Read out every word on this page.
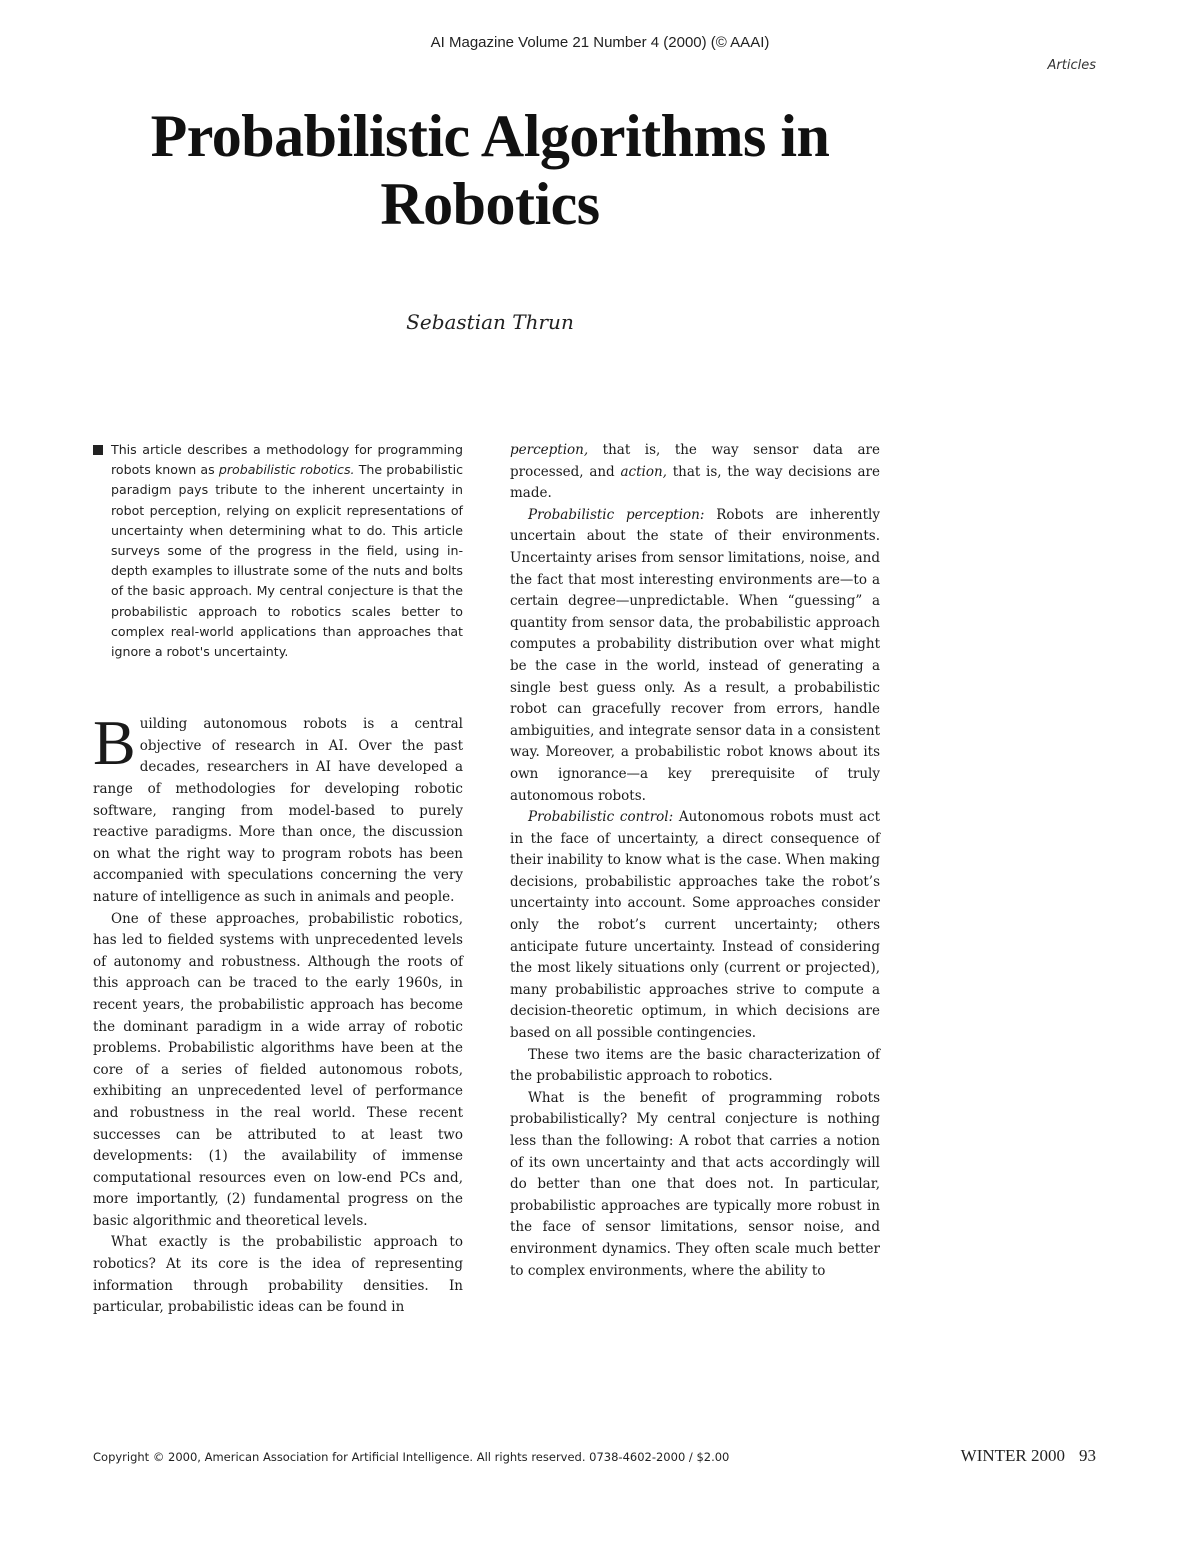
AI Magazine Volume 21 Number 4 (2000) (© AAAI)
Articles
Probabilistic Algorithms in
Robotics
Sebastian Thrun

This article describes a methodology for programming robots known as probabilistic robotics. The probabilistic paradigm pays tribute to the inherent uncertainty in robot perception, relying on explicit representations of uncertainty when determining what to do. This article surveys some of the progress in the field, using in-depth examples to illustrate some of the nuts and bolts of the basic approach. My central conjecture is that the probabilistic approach to robotics scales better to complex real-world applications than approaches that ignore a robot's uncertainty.

Building autonomous robots is a central objective of research in AI. Over the past decades, researchers in AI have developed a range of methodologies for developing robotic software, ranging from model-based to purely reactive paradigms. More than once, the discussion on what the right way to program robots has been accompanied with speculations concerning the very nature of intelligence as such in animals and people.

One of these approaches, probabilistic robotics, has led to fielded systems with unprecedented levels of autonomy and robustness. Although the roots of this approach can be traced to the early 1960s, in recent years, the probabilistic approach has become the dominant paradigm in a wide array of robotic problems. Probabilistic algorithms have been at the core of a series of fielded autonomous robots, exhibiting an unprecedented level of performance and robustness in the real world. These recent successes can be attributed to at least two developments: (1) the availability of immense computational resources even on low-end PCs and, more importantly, (2) fundamental progress on the basic algorithmic and theoretical levels.

What exactly is the probabilistic approach to robotics? At its core is the idea of representing information through probability densities. In particular, probabilistic ideas can be found in

perception, that is, the way sensor data are processed, and action, that is, the way decisions are made.

Probabilistic perception: Robots are inherently uncertain about the state of their environments. Uncertainty arises from sensor limitations, noise, and the fact that most interesting environments are—to a certain degree—unpredictable. When “guessing” a quantity from sensor data, the probabilistic approach computes a probability distribution over what might be the case in the world, instead of generating a single best guess only. As a result, a probabilistic robot can gracefully recover from errors, handle ambiguities, and integrate sensor data in a consistent way. Moreover, a probabilistic robot knows about its own ignorance—a key prerequisite of truly autonomous robots.

Probabilistic control: Autonomous robots must act in the face of uncertainty, a direct consequence of their inability to know what is the case. When making decisions, probabilistic approaches take the robot’s uncertainty into account. Some approaches consider only the robot’s current uncertainty; others anticipate future uncertainty. Instead of considering the most likely situations only (current or projected), many probabilistic approaches strive to compute a decision-theoretic optimum, in which decisions are based on all possible contingencies.

These two items are the basic characterization of the probabilistic approach to robotics.

What is the benefit of programming robots probabilistically? My central conjecture is nothing less than the following: A robot that carries a notion of its own uncertainty and that acts accordingly will do better than one that does not. In particular, probabilistic approaches are typically more robust in the face of sensor limitations, sensor noise, and environment dynamics. They often scale much better to complex environments, where the ability to

Copyright © 2000, American Association for Artificial Intelligence. All rights reserved. 0738-4602-2000 / $2.00	WINTER 2000 93
